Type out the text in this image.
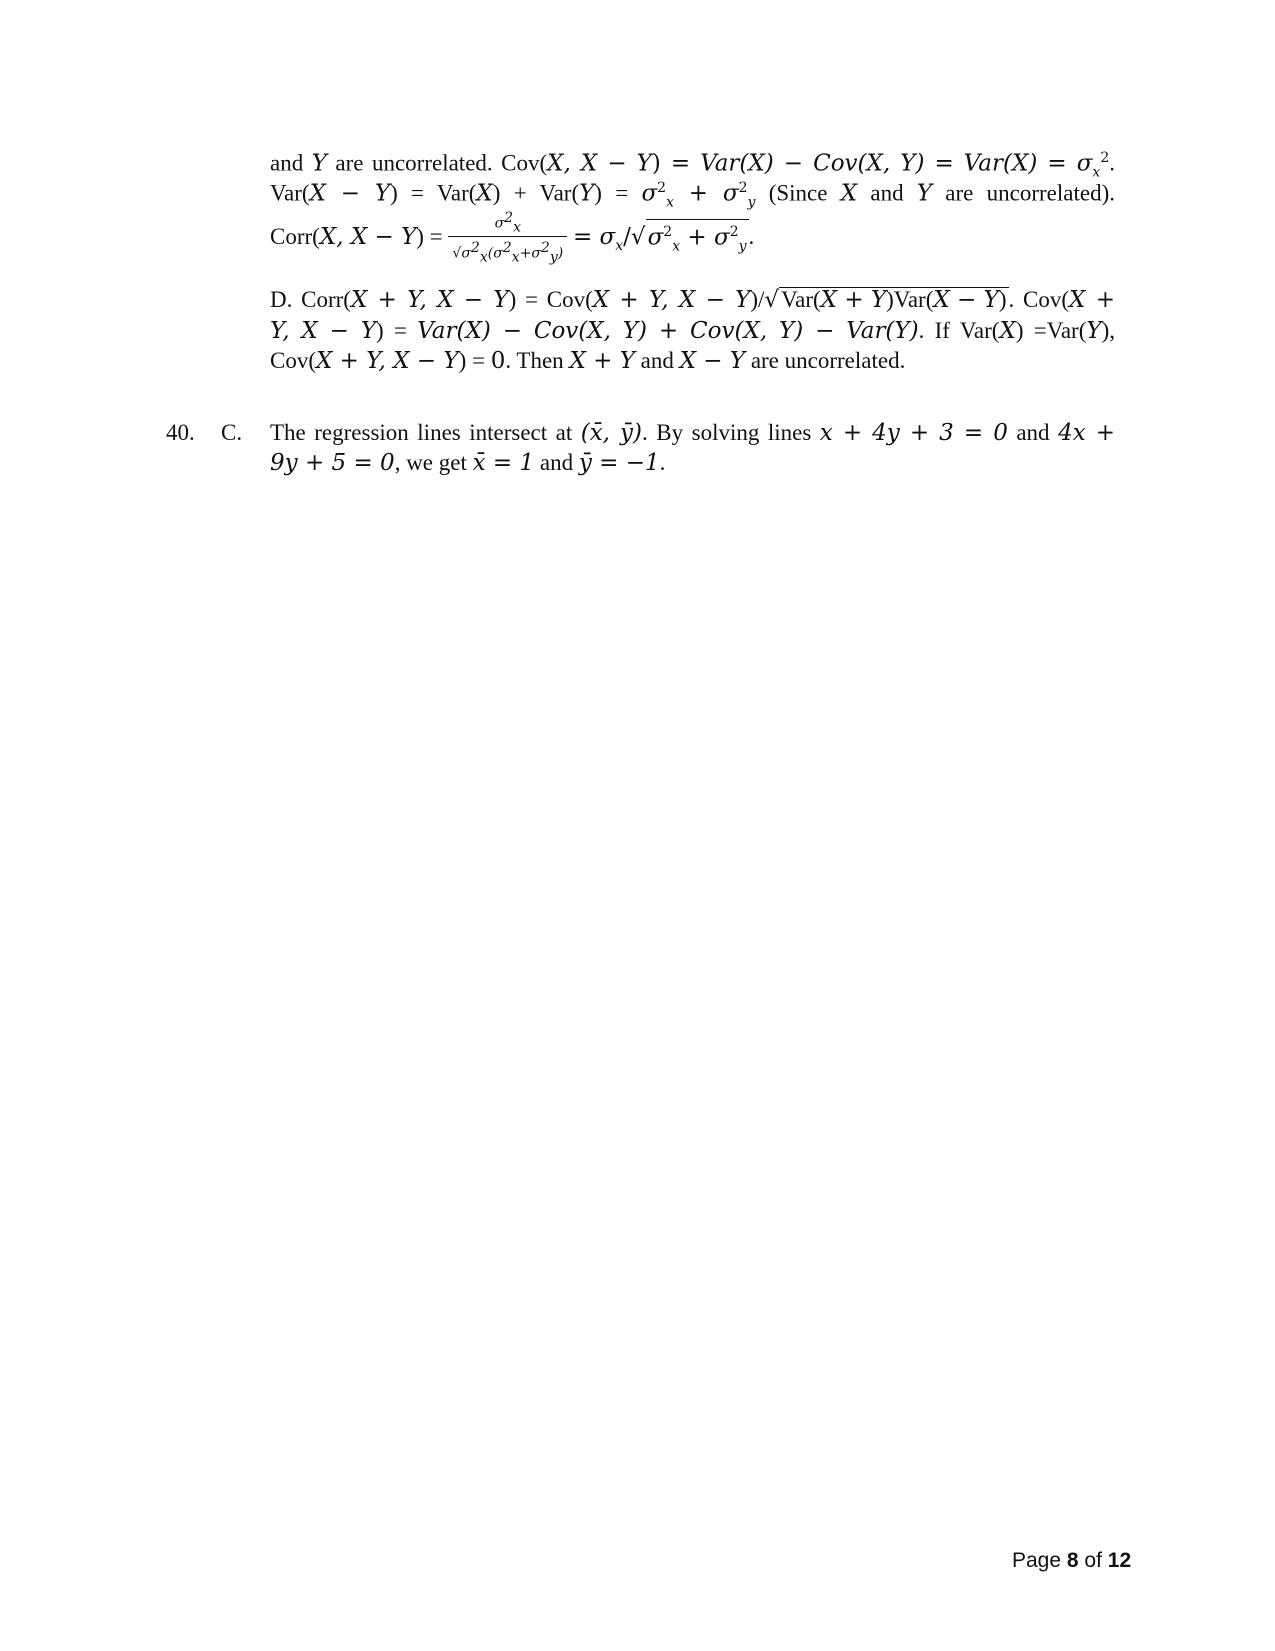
and Y are uncorrelated. Cov(X, X − Y) = Var(X) − Cov(X, $Y) = Var(X) = \sigma_x^2$.
$Var(X - Y) = Var(X) + Var(Y) = \sigma^2_x + \sigma^2_y$ (Since X and Y are uncorrelated).
Corr(X, $X - Y) = \frac{\sigma 2x}{√\sigma 2x(\sigma 2x+\sigma 2y)} = \sigma_x/√\sigma^2_x + \sigma^2_y$.
D. Corr(X + Y, X − Y) = Cov(X + Y, X − Y)/√Var(X + Y)Var(X − Y). Cov(X +
Y, X − Y) = Var(X) − Cov(X, Y) + Cov(X, Y) − Var(Y). If Var(X) =Var(Y),
Cov(X + Y, X − Y) = 0. Then X + Y and X − Y are uncorrelated.
40. C. The regression lines intersect at (x̄, ȳ). By solving lines x + 4y + 3 = 0 and 4x +
9y + 5 = 0, we get x̄ = 1 and ȳ = −1.
Page 8 of 12
